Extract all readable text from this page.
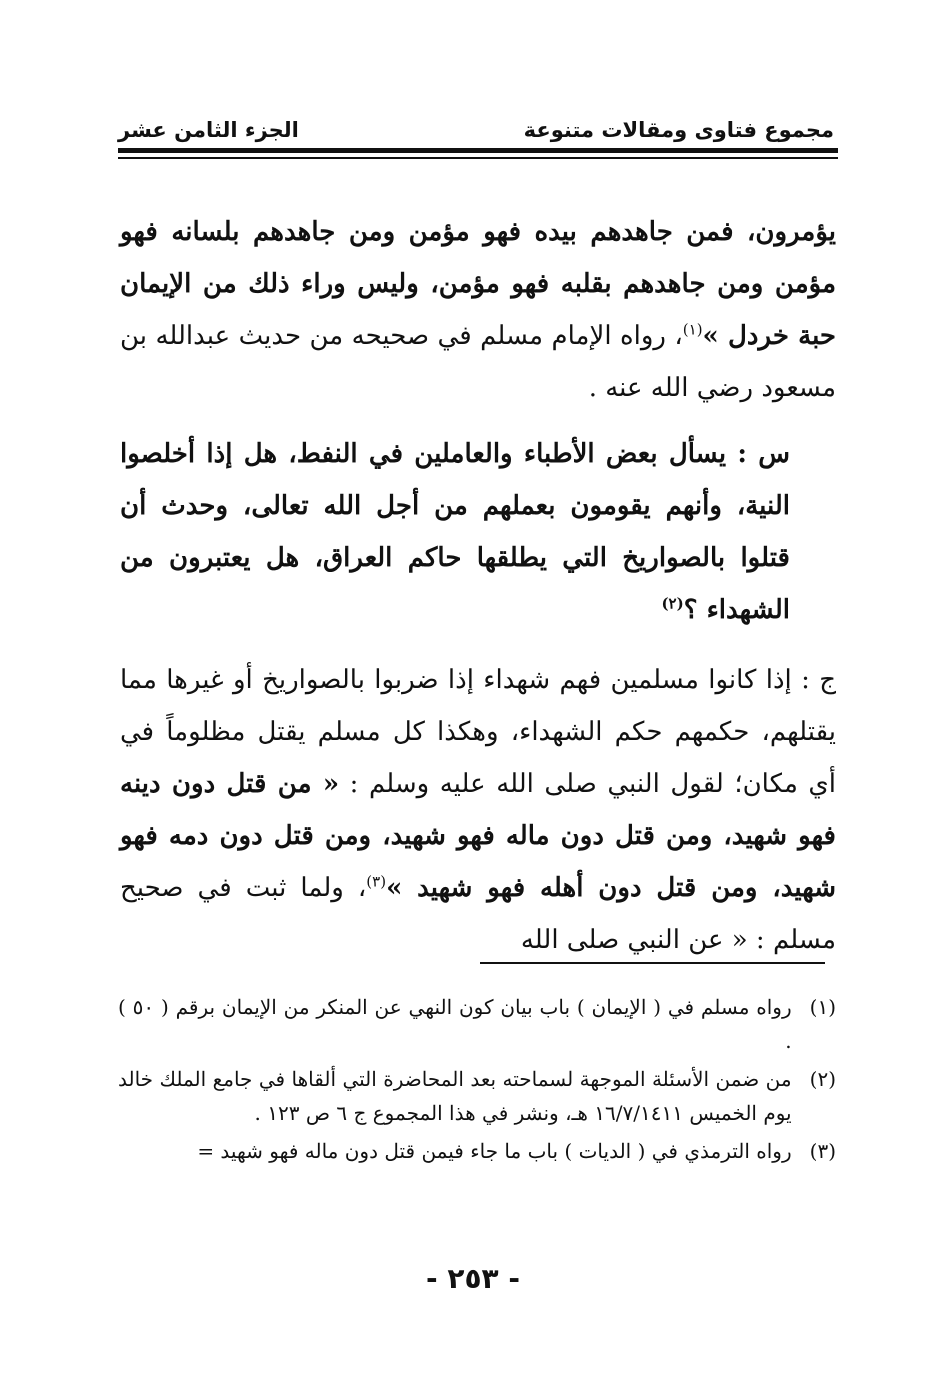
مجموع فتاوى ومقالات متنوعة
الجزء الثامن عشر

يؤمرون، فمن جاهدهم بيده فهو مؤمن ومن جاهدهم بلسانه فهو مؤمن ومن جاهدهم بقلبه فهو مؤمن، وليس وراء ذلك من الإيمان حبة خردل »$^{(١)}$، رواه الإمام مسلم في صحيحه من حديث عبدالله بن مسعود رضي الله عنه .

س : يسأل بعض الأطباء والعاملين في النفط، هل إذا أخلصوا النية، وأنهم يقومون بعملهم من أجل الله تعالى، وحدث أن قتلوا بالصواريخ التي يطلقها حاكم العراق، هل يعتبرون من الشهداء ؟$^{(٢)}$

ج : إذا كانوا مسلمين فهم شهداء إذا ضربوا بالصواريخ أو غيرها مما يقتلهم، حكمهم حكم الشهداء، وهكذا كل مسلم يقتل مظلوماً في أي مكان؛ لقول النبي صلى الله عليه وسلم : « من قتل دون دينه فهو شهيد، ومن قتل دون ماله فهو شهيد، ومن قتل دون دمه فهو شهيد، ومن قتل دون أهله فهو شهيد »$^{(٣)}$، ولما ثبت في صحيح مسلم : « عن النبي صلى الله

(١)
رواه مسلم في ( الإيمان ) باب بيان كون النهي عن المنكر من الإيمان برقم ( ٥٠ ) .
(٢)
من ضمن الأسئلة الموجهة لسماحته بعد المحاضرة التي ألقاها في جامع الملك خالد يوم الخميس ١٦/٧/١٤١١ هـ، ونشر في هذا المجموع ج ٦ ص ١٢٣ .
(٣)
رواه الترمذي في ( الديات ) باب ما جاء فيمن قتل دون ماله فهو شهيد =
- ٢٥٣ -
